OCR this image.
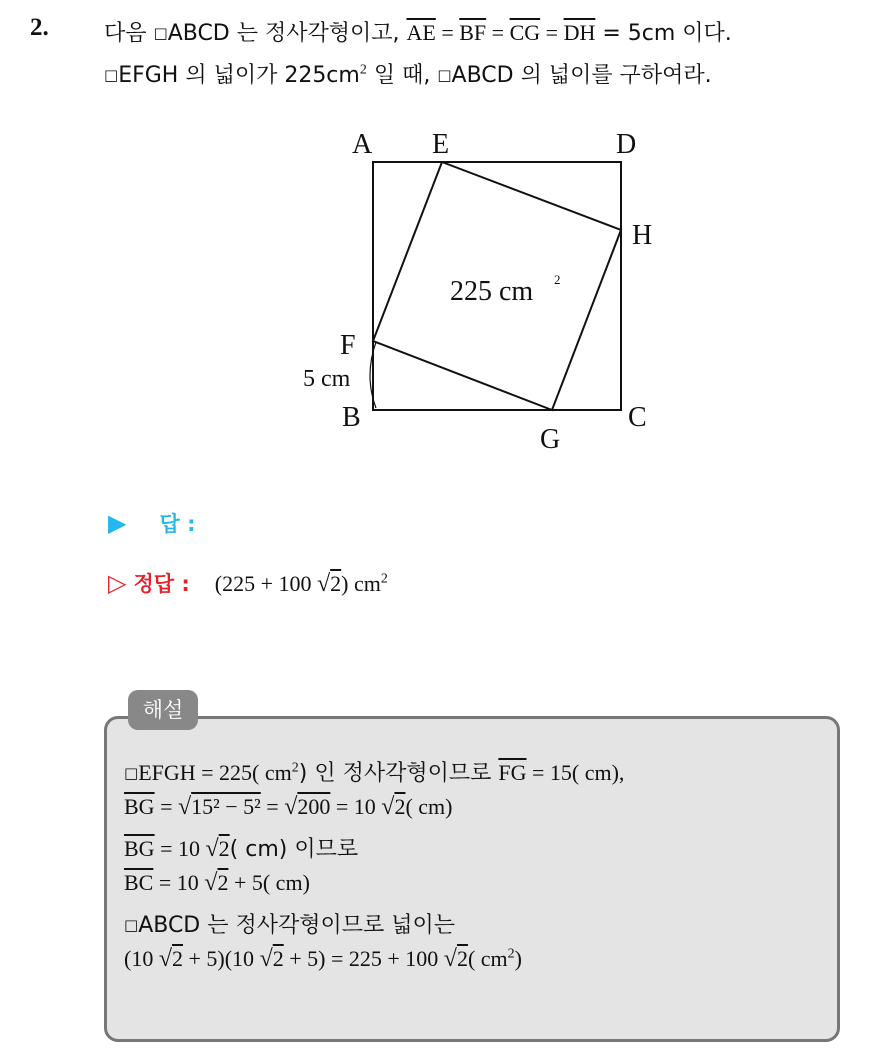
2.	다음 □ABCD 는 정사각형이고, $\overline{AE} = \overline{BF} = \overline{CG} = \overline{DH} = 5cm$ 이다.
□EFGH 의 넓이가 $225cm^2$ 일 때, □ABCD 의 넓이를 구하여라.
A E	D
H
F
B	C
G
225 cm 2
5 cm
▶ 답 :
▷ 정답 : (225 + 100 √2) $cm^2$
해설
□EFGH = 225( $cm^2$) 인 정사각형이므로 $\overline{FG} = 15$( cm),
$\overline{BG} = √15^2 - 5^2 = √200 = 10$ √2( cm)
$\overline{BG} = 10$ √2( cm) 이므로
$\overline{BC} = 10$ √2 + 5( cm)
□ABCD 는 정사각형이므로 넓이는
(10 √2 + 5)(10 √2 + 5) = 225 + 100 √2( $cm^2$)
